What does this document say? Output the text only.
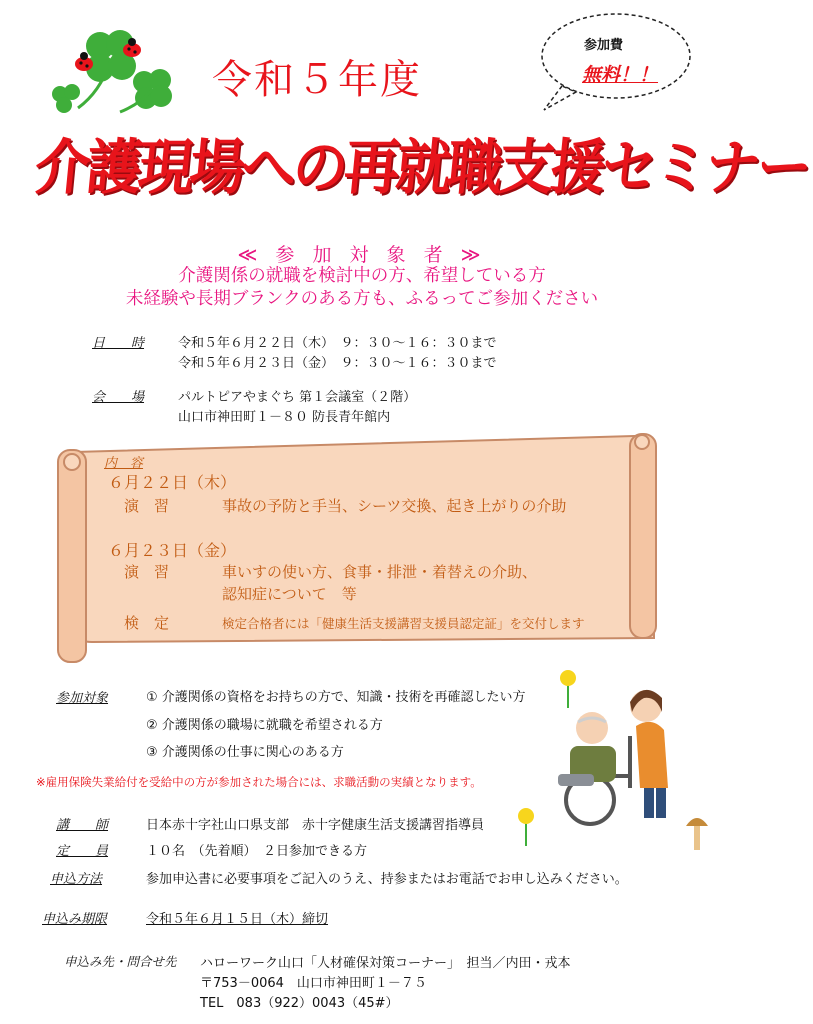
参加費
無料！！
令和５年度
介護現場への再就職支援セミナー
≪ 参 加 対 象 者 ≫
介護関係の就職を検討中の方、希望している方
未経験や長期ブランクのある方も、ふるってご参加ください
日　　時	令和５年６月２２日（木）　９：３０～１６：３０まで
令和５年６月２３日（金）　９：３０～１６：３０まで
会　　場	パルトピアやまぐち 第１会議室（２階）
山口市神田町１－８０ 防長青年館内
内　容
６月２２日（木）
演　習	事故の予防と手当、シーツ交換、起き上がりの介助
６月２３日（金）
演　習	車いすの使い方、食事・排泄・着替えの介助、
認知症について　等
検　定	検定合格者には「健康生活支援講習支援員認定証」を交付します
参加対象	① 介護関係の資格をお持ちの方で、知識・技術を再確認したい方
② 介護関係の職場に就職を希望される方
③ 介護関係の仕事に関心のある方
※雇用保険失業給付を受給中の方が参加された場合には、求職活動の実績となります。
講　　師	日本赤十字社山口県支部　赤十字健康生活支援講習指導員
定　　員	１０名　（先着順）　２日参加できる方
申込方法	参加申込書に必要事項をご記入のうえ、持参またはお電話でお申し込みください。
申込み期限	令和５年６月１５日（木）締切
申込み先・問合せ先 ハローワーク山口「人材確保対策コーナー」　担当／内田・戎本
〒753－0064　山口市神田町１－７５
TEL　083（922）0043（45#）
